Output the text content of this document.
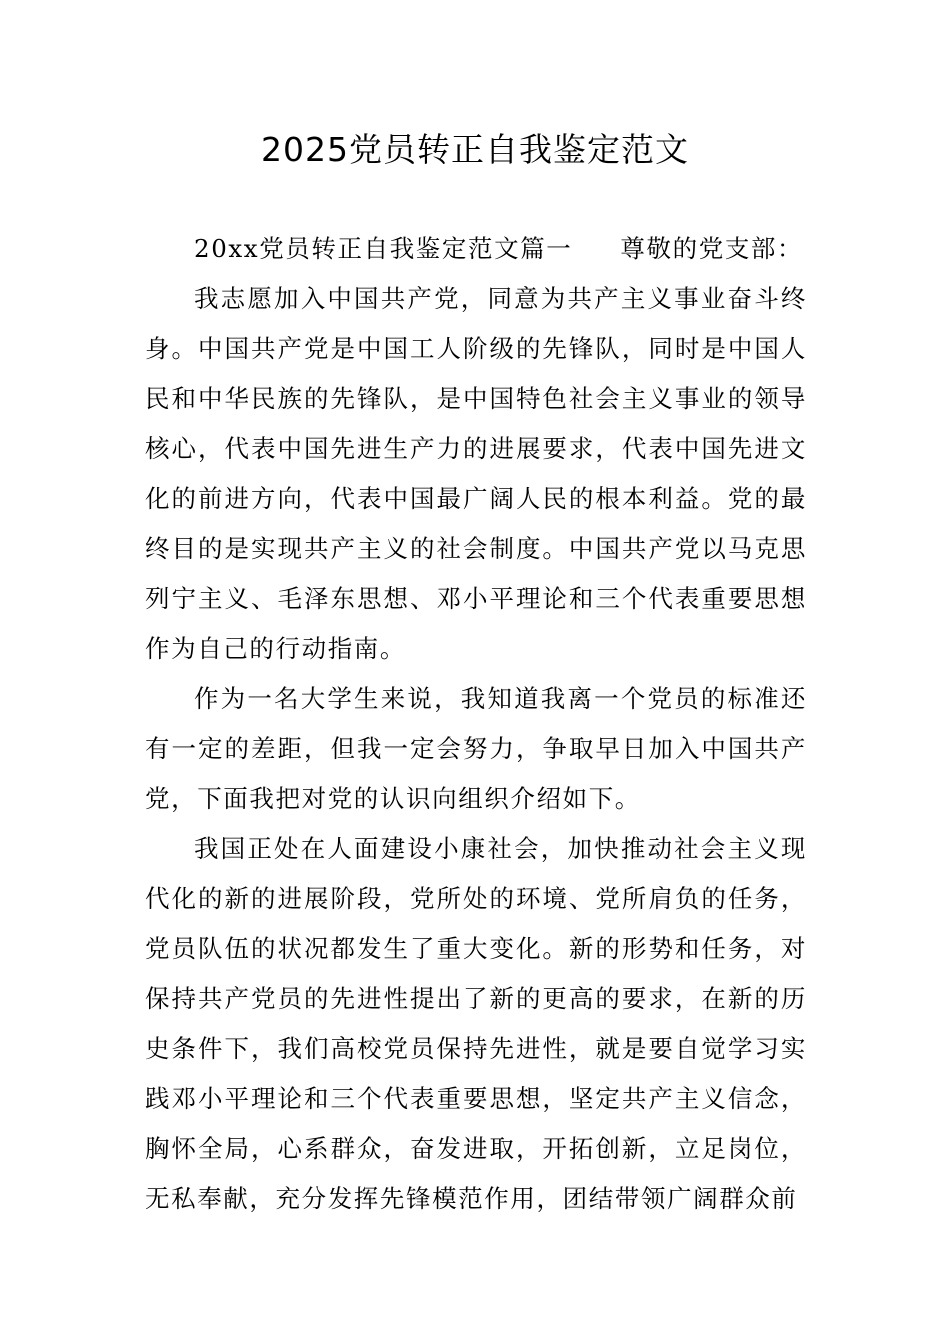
2025党员转正自我鉴定范文

20xx党员转正自我鉴定范文篇一 尊敬的党支部：

我志愿加入中国共产党，同意为共产主义事业奋斗终身。中国共产党是中国工人阶级的先锋队，同时是中国人民和中华民族的先锋队，是中国特色社会主义事业的领导核心，代表中国先进生产力的进展要求，代表中国先进文化的前进方向，代表中国最广阔人民的根本利益。党的最终目的是实现共产主义的社会制度。中国共产党以马克思列宁主义、毛泽东思想、邓小平理论和三个代表重要思想作为自己的行动指南。

作为一名大学生来说，我知道我离一个党员的标准还有一定的差距，但我一定会努力，争取早日加入中国共产党，下面我把对党的认识向组织介绍如下。

我国正处在人面建设小康社会，加快推动社会主义现代化的新的进展阶段，党所处的环境、党所肩负的任务，党员队伍的状况都发生了重大变化。新的形势和任务，对保持共产党员的先进性提出了新的更高的要求，在新的历史条件下，我们高校党员保持先进性，就是要自觉学习实践邓小平理论和三个代表重要思想，坚定共产主义信念，胸怀全局，心系群众，奋发进取，开拓创新，立足岗位，无私奉献，充分发挥先锋模范作用，团结带领广阔群众前
